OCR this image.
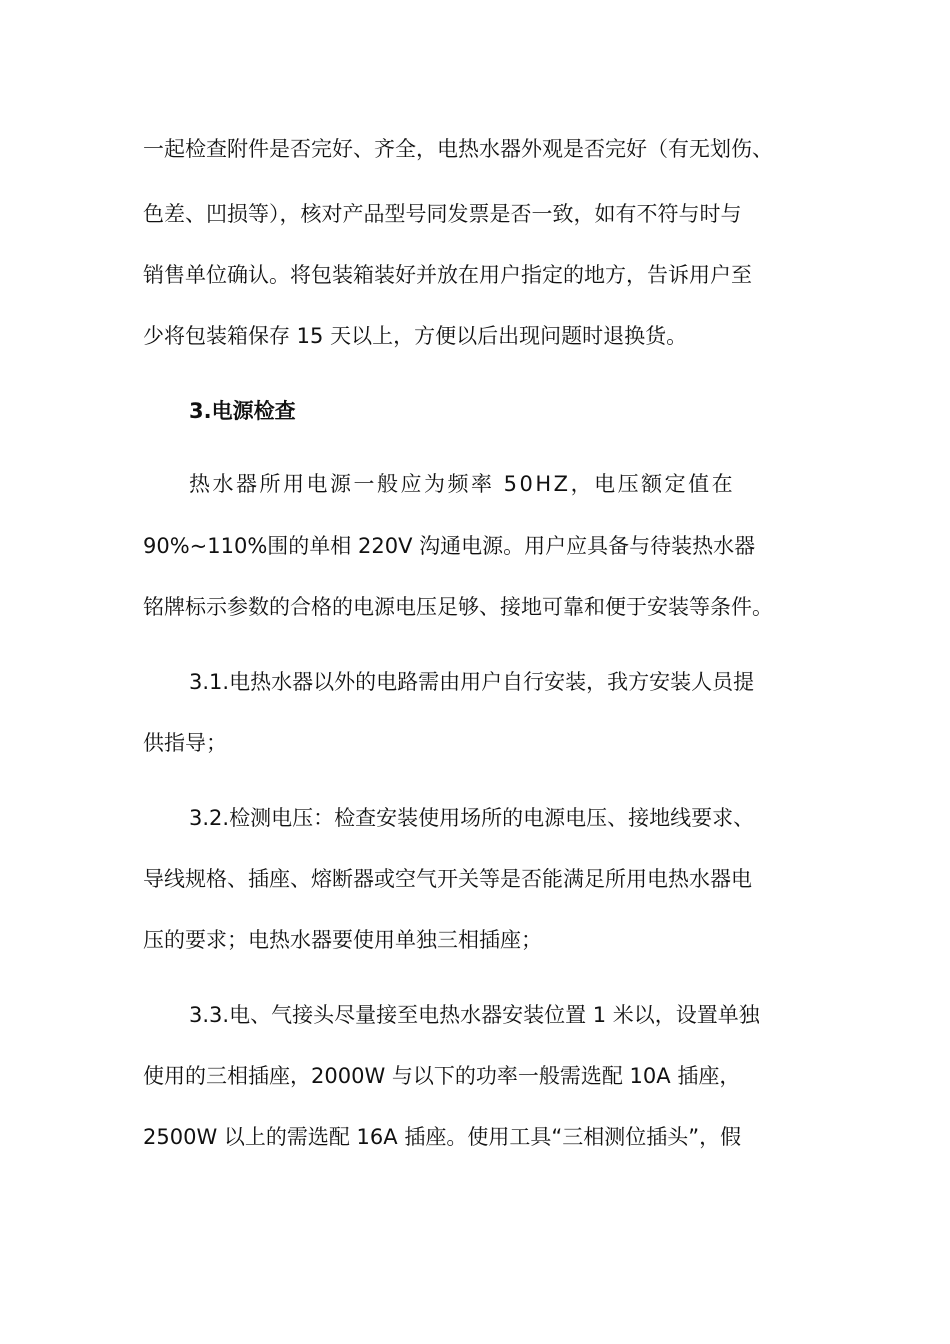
一起检查附件是否完好、齐全，电热水器外观是否完好（有无划伤、
色差、凹损等），核对产品型号同发票是否一致，如有不符与时与
销售单位确认。将包装箱装好并放在用户指定的地方，告诉用户至
少将包装箱保存 15 天以上，方便以后出现问题时退换货。
3.电源检查
热水器所用电源一般应为频率 50HZ，电压额定值在
90%~110%围的单相 220V 沟通电源。用户应具备与待装热水器
铭牌标示参数的合格的电源电压足够、接地可靠和便于安装等条件。
3.1.电热水器以外的电路需由用户自行安装，我方安装人员提
供指导；
3.2.检测电压：检查安装使用场所的电源电压、接地线要求、
导线规格、插座、熔断器或空气开关等是否能满足所用电热水器电
压的要求；电热水器要使用单独三相插座；
3.3.电、气接头尽量接至电热水器安装位置 1 米以，设置单独
使用的三相插座，2000W 与以下的功率一般需选配 10A 插座，
2500W 以上的需选配 16A 插座。使用工具“三相测位插头”，假
